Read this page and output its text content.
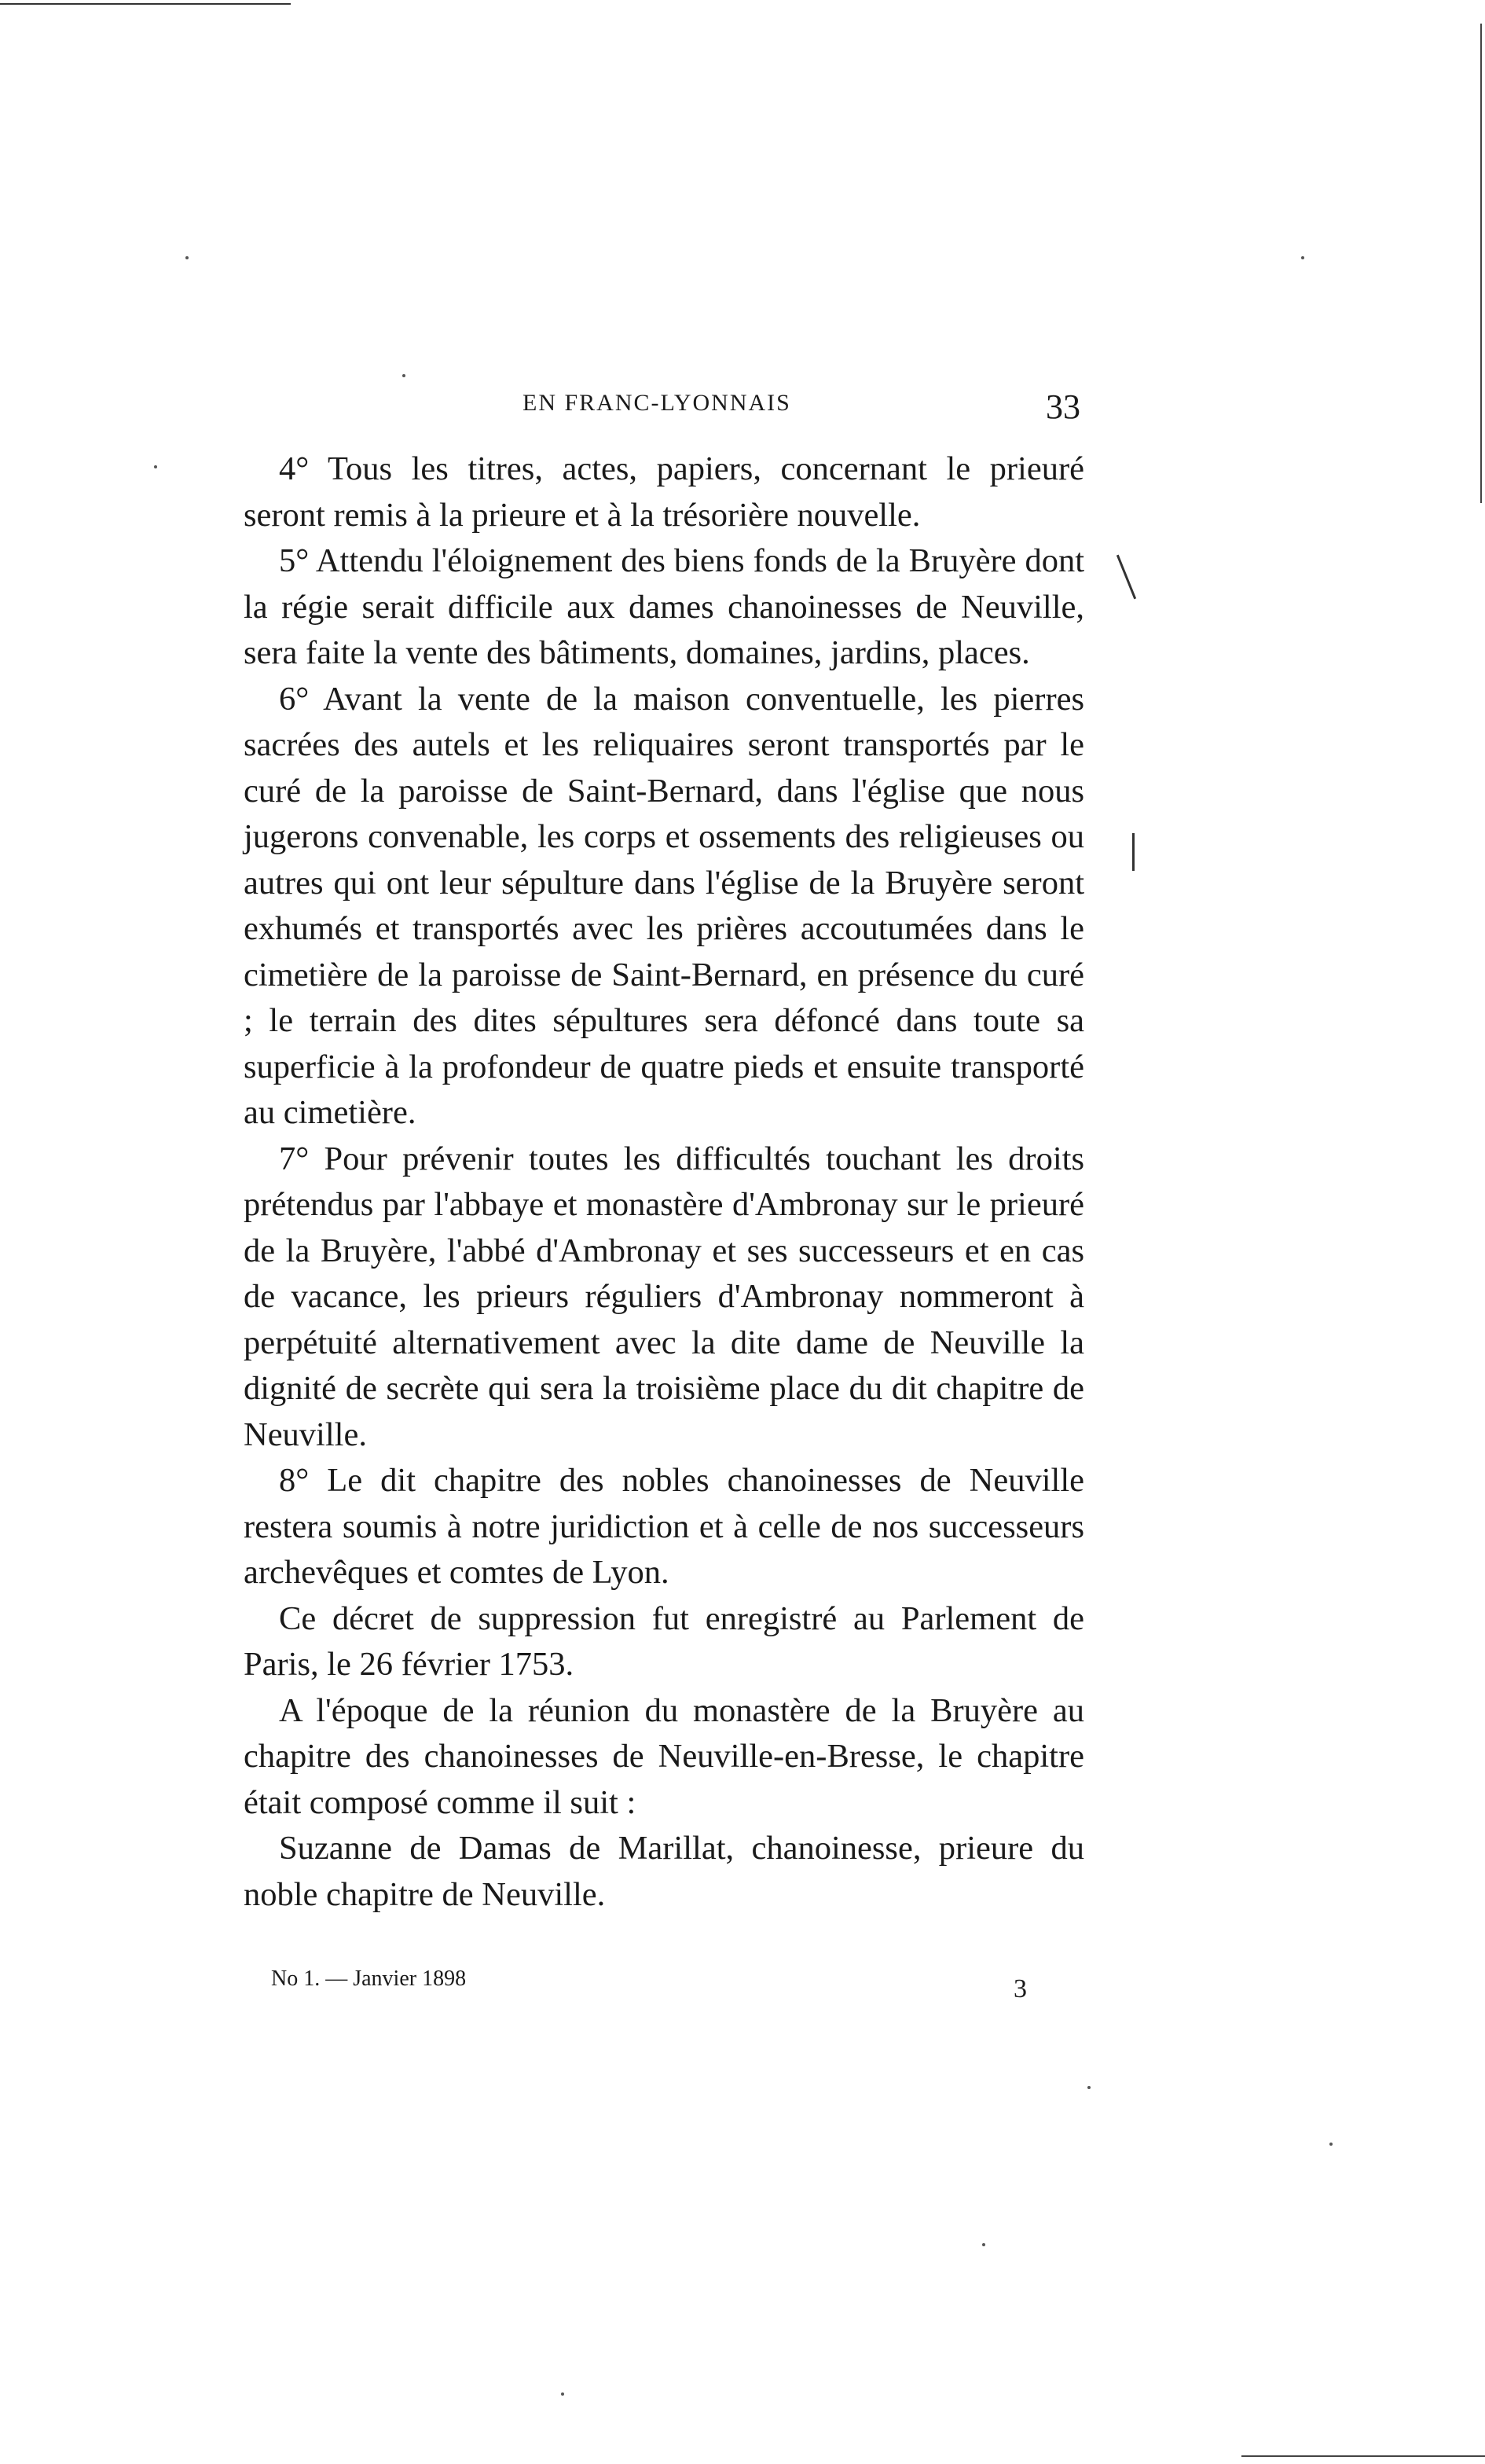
EN FRANC-LYONNAIS	33

4° Tous les titres, actes, papiers, concernant le prieuré seront remis à la prieure et à la trésorière nouvelle.

5° Attendu l'éloignement des biens fonds de la Bruyère dont la régie serait difficile aux dames chanoinesses de Neuville, sera faite la vente des bâtiments, domaines, jardins, places.

6° Avant la vente de la maison conventuelle, les pierres sacrées des autels et les reliquaires seront transportés par le curé de la paroisse de Saint-Bernard, dans l'église que nous jugerons convenable, les corps et ossements des religieuses ou autres qui ont leur sépulture dans l'église de la Bruyère seront exhumés et transportés avec les prières accoutumées dans le cimetière de la paroisse de Saint-Bernard, en présence du curé ; le terrain des dites sépultures sera défoncé dans toute sa superficie à la profondeur de quatre pieds et ensuite transporté au cimetière.

7° Pour prévenir toutes les difficultés touchant les droits prétendus par l'abbaye et monastère d'Ambronay sur le prieuré de la Bruyère, l'abbé d'Ambronay et ses successeurs et en cas de vacance, les prieurs réguliers d'Ambronay nommeront à perpétuité alternativement avec la dite dame de Neuville la dignité de secrète qui sera la troisième place du dit chapitre de Neuville.

8° Le dit chapitre des nobles chanoinesses de Neuville restera soumis à notre juridiction et à celle de nos successeurs archevêques et comtes de Lyon.

Ce décret de suppression fut enregistré au Parlement de Paris, le 26 février 1753.

A l'époque de la réunion du monastère de la Bruyère au chapitre des chanoinesses de Neuville-en-Bresse, le chapitre était composé comme il suit :

Suzanne de Damas de Marillat, chanoinesse, prieure du noble chapitre de Neuville.

No 1. — Janvier 1898	3
